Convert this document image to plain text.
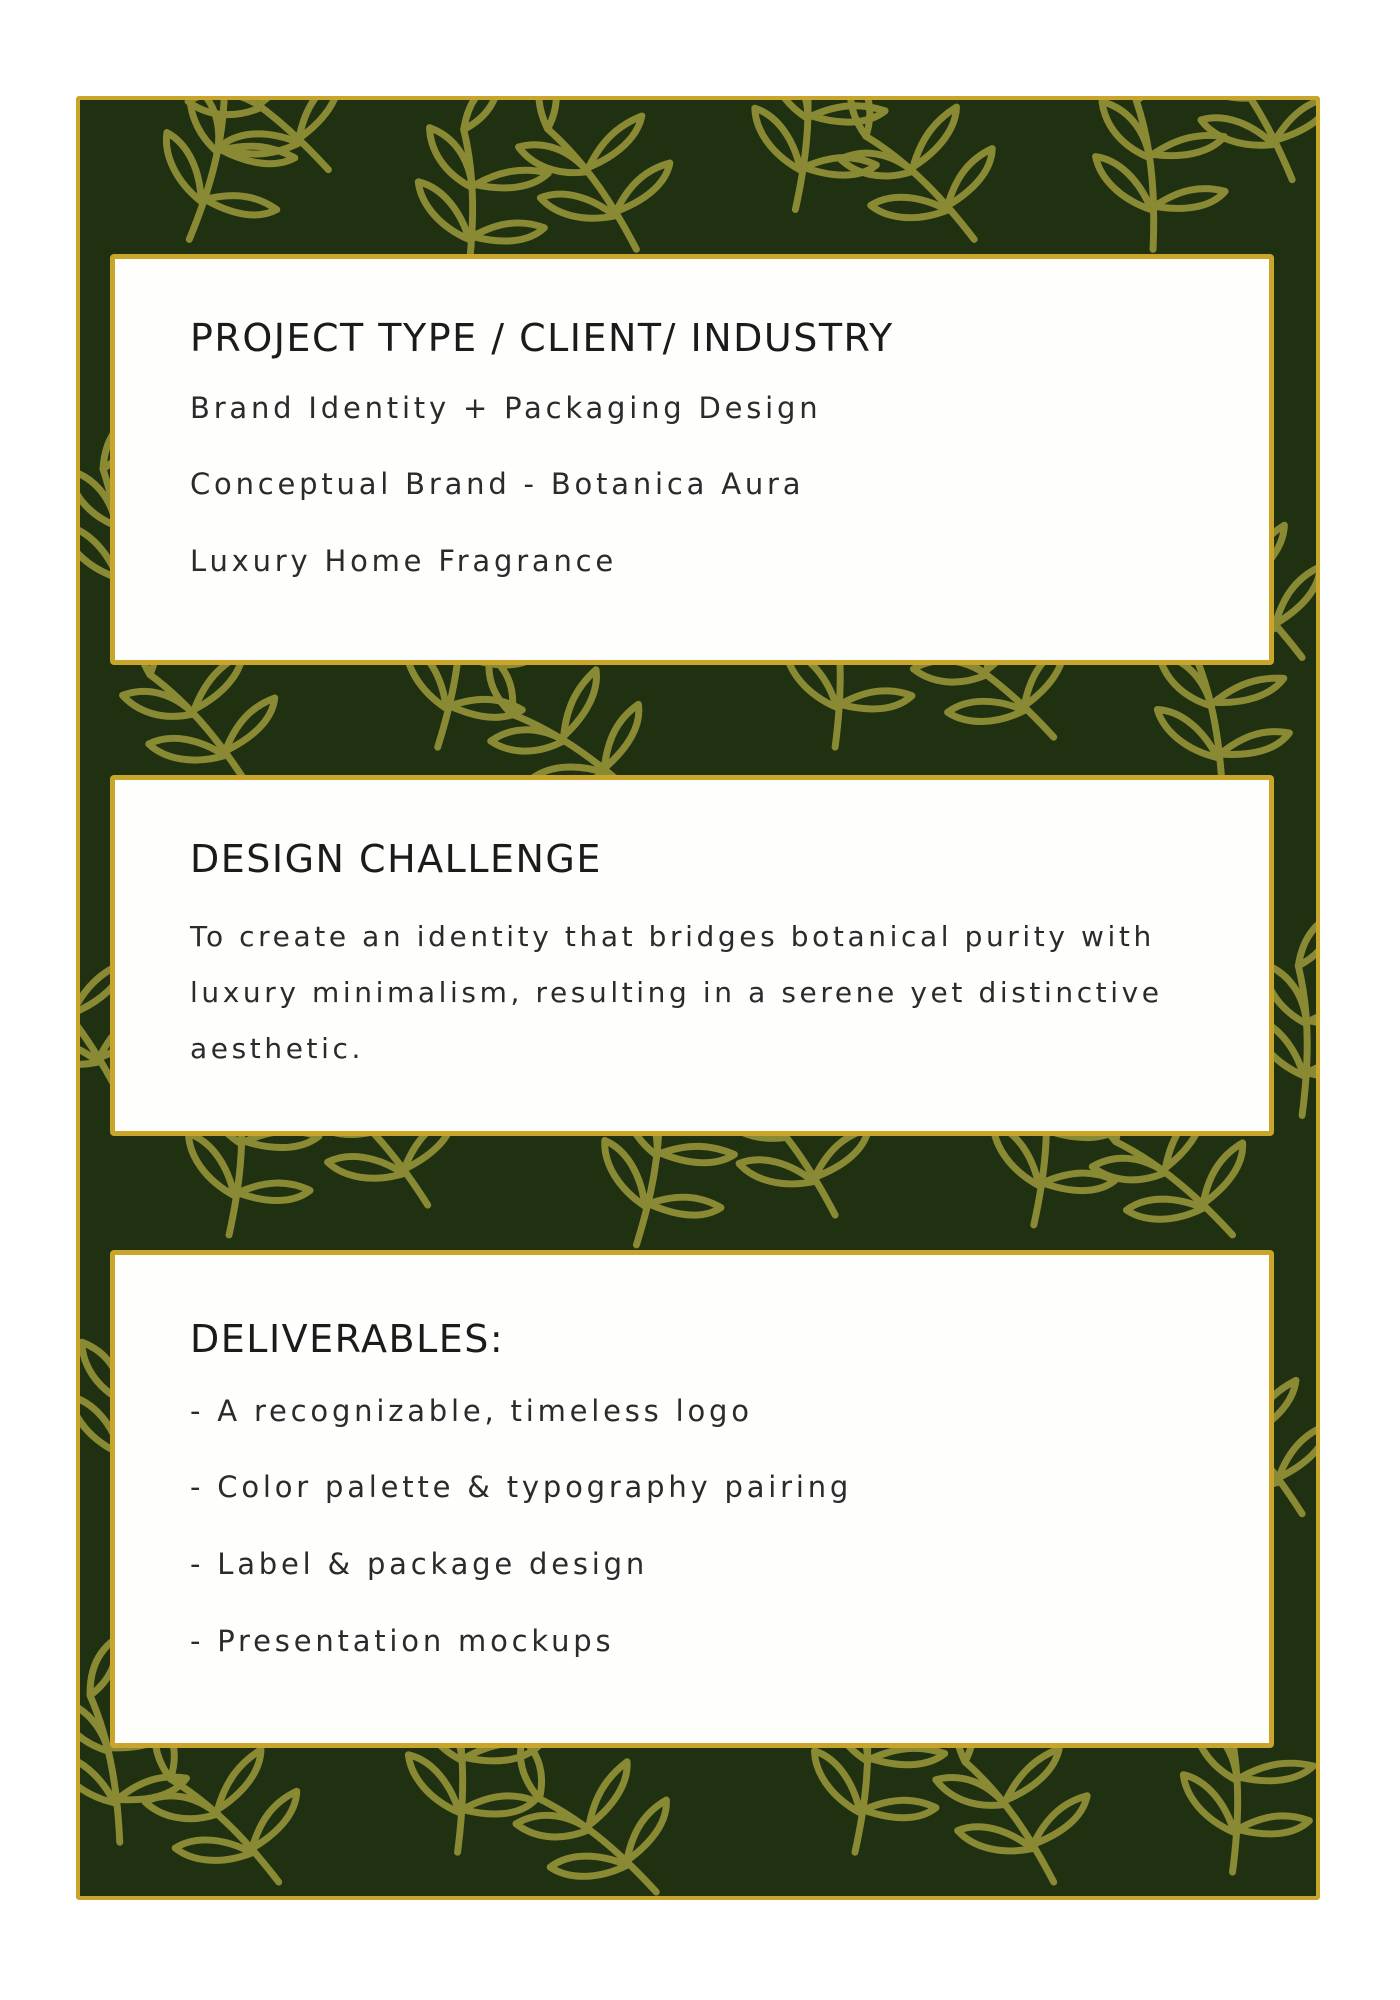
PROJECT TYPE / CLIENT/ INDUSTRY

Brand Identity + Packaging Design

Conceptual Brand - Botanica Aura

Luxury Home Fragrance

DESIGN CHALLENGE

To create an identity that bridges botanical purity with luxury minimalism, resulting in a serene yet distinctive aesthetic.

DELIVERABLES:

- A recognizable, timeless logo

- Color palette & typography pairing

- Label & package design

- Presentation mockups
